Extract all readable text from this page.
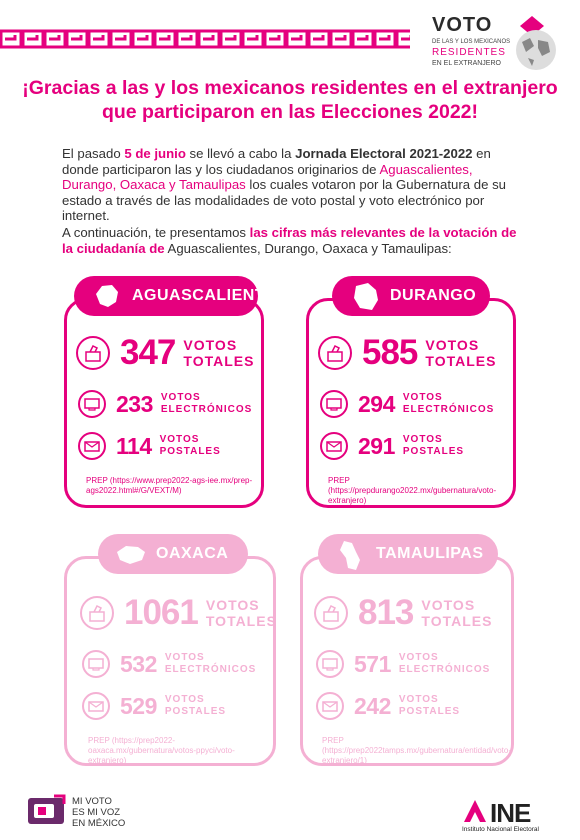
VOTO
DE LAS Y LOS MEXICANOS
RESIDENTES
EN EL EXTRANJERO
¡Gracias a las y los mexicanos residentes en el extranjero que participaron en las Elecciones 2022!

El pasado 5 de junio se llevó a cabo la Jornada Electoral 2021-2022 en donde participaron las y los ciudadanos originarios de Aguascalientes, Durango, Oaxaca y Tamaulipas los cuales votaron por la Gubernatura de su estado a través de las modalidades de voto postal y voto electrónico por internet.

A continuación, te presentamos las cifras más relevantes de la votación de la ciudadanía de Aguascalientes, Durango, Oaxaca y Tamaulipas:

AGUASCALIENTES
347 VOTOS
TOTALES
233 VOTOS
ELECTRÓNICOS
114 VOTOS
POSTALES
PREP (https://www.prep2022-ags-iee.mx/prep-ags2022.html#/G/VEXT/M)
DURANGO
585 VOTOS
TOTALES
294 VOTOS
ELECTRÓNICOS
291 VOTOS
POSTALES
PREP (https://prepdurango2022.mx/gubernatura/voto-extranjero)
OAXACA
1061 VOTOS
TOTALES
532 VOTOS
ELECTRÓNICOS
529 VOTOS
POSTALES
PREP (https://prep2022-oaxaca.mx/gubernatura/votos-ppyci/voto-extranjero)
TAMAULIPAS
813 VOTOS
TOTALES
571 VOTOS
ELECTRÓNICOS
242 VOTOS
POSTALES
PREP (https://prep2022tamps.mx/gubernatura/entidad/voto-extranjero/1)
MI VOTO
ES MI VOZ
EN MÉXICO	INE
Instituto Nacional Electoral
